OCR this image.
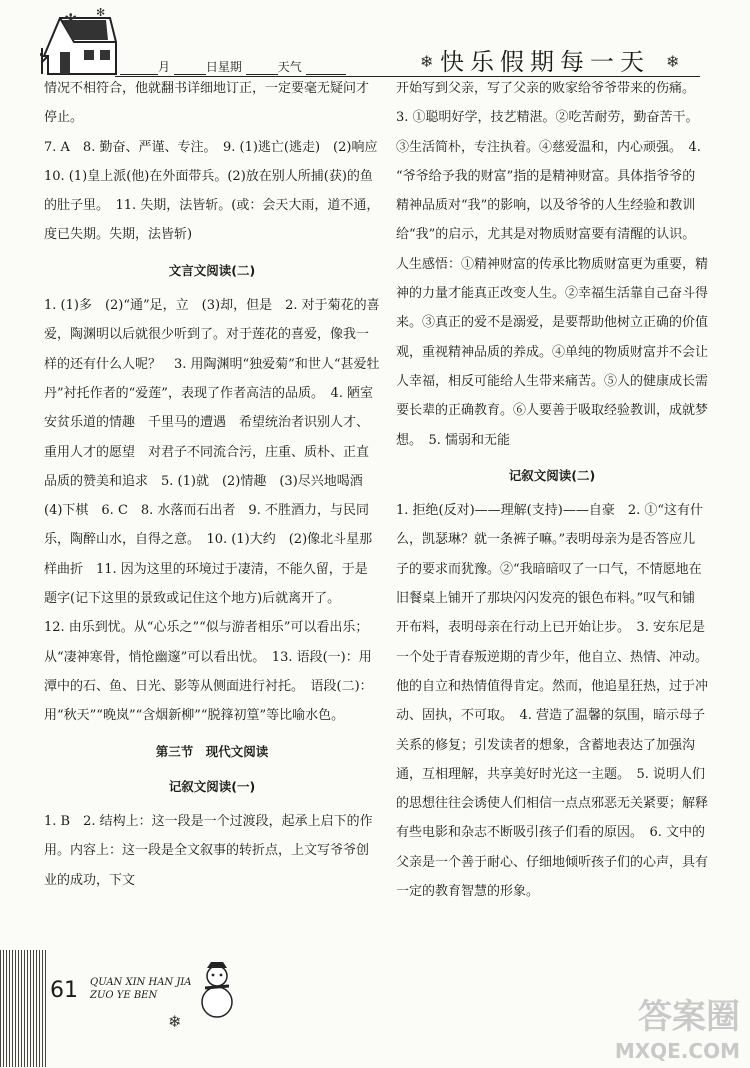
✻ ✻
月	日星期	天气	❄ 快乐假期每一天 ❄

情况不相符合，他就翻书详细地订正，一定要毫无疑问才停止。

7. A　8. 勤奋、严谨、专注。　9. (1)逃亡(逃走)　(2)响应　10. (1)皇上派(他)在外面带兵。(2)放在别人所捕(获)的鱼的肚子里。　11. 失期，法皆斩。(或：会天大雨，道不通，度已失期。失期，法皆斩)

文言文阅读(二)

1. (1)多　(2)“通”足，立　(3)却，但是　2. 对于菊花的喜爱，陶渊明以后就很少听到了。对于莲花的喜爱，像我一样的还有什么人呢？　3. 用陶渊明“独爱菊”和世人“甚爱牡丹”衬托作者的“爱莲”，表现了作者高洁的品质。　4. 陋室　安贫乐道的情趣　千里马的遭遇　希望统治者识别人才、重用人才的愿望　对君子不同流合污，庄重、质朴、正直品质的赞美和追求　5. (1)就　(2)情趣　(3)尽兴地喝酒　(4)下棋　6. C　8. 水落而石出者　9. 不胜酒力，与民同乐，陶醉山水，自得之意。　10. (1)大约　(2)像北斗星那样曲折　11. 因为这里的环境过于凄清，不能久留，于是题字(记下这里的景致或记住这个地方)后就离开了。

12. 由乐到忧。从“心乐之”“似与游者相乐”可以看出乐；从“凄神寒骨，悄怆幽邃”可以看出忧。　13. 语段(一)：用潭中的石、鱼、日光、影等从侧面进行衬托。　语段(二)：用“秋天”“晚岚”“含烟新柳”“脱箨初篁”等比喻水色。

第三节　现代文阅读

记叙文阅读(一)

1. B　2. 结构上：这一段是一个过渡段，起承上启下的作用。内容上：这一段是全文叙事的转折点，上文写爷爷创业的成功，下文

开始写到父亲，写了父亲的败家给爷爷带来的伤痛。　3. ①聪明好学，技艺精湛。②吃苦耐劳，勤奋苦干。③生活简朴，专注执着。④慈爱温和，内心顽强。　4. “爷爷给予我的财富”指的是精神财富。具体指爷爷的精神品质对“我”的影响，以及爷爷的人生经验和教训给“我”的启示，尤其是对物质财富要有清醒的认识。人生感悟：①精神财富的传承比物质财富更为重要，精神的力量才能真正改变人生。②幸福生活靠自己奋斗得来。③真正的爱不是溺爱，是要帮助他树立正确的价值观，重视精神品质的养成。④单纯的物质财富并不会让人幸福，相反可能给人生带来痛苦。⑤人的健康成长需要长辈的正确教育。⑥人要善于吸取经验教训，成就梦想。　5. 懦弱和无能

记叙文阅读(二)

1. 拒绝(反对)——理解(支持)——自豪　2. ①“这有什么，凯瑟琳？就一条裤子嘛。”表明母亲为是否答应儿子的要求而犹豫。②“我暗暗叹了一口气，不情愿地在旧餐桌上铺开了那块闪闪发亮的银色布料。”叹气和铺开布料，表明母亲在行动上已开始让步。　3. 安东尼是一个处于青春叛逆期的青少年，他自立、热情、冲动。他的自立和热情值得肯定。然而，他追星狂热，过于冲动、固执，不可取。　4. 营造了温馨的氛围，暗示母子关系的修复；引发读者的想象，含蓄地表达了加强沟通，互相理解，共享美好时光这一主题。　5. 说明人们的思想往往会诱使人们相信一点点邪恶无关紧要；解释有些电影和杂志不断吸引孩子们看的原因。　6. 文中的父亲是一个善于耐心、仔细地倾听孩子们的心声，具有一定的教育智慧的形象。

61 QUAN XIN HAN JIA
ZUO YE BEN
❄	答案圈
MXQE.COM
